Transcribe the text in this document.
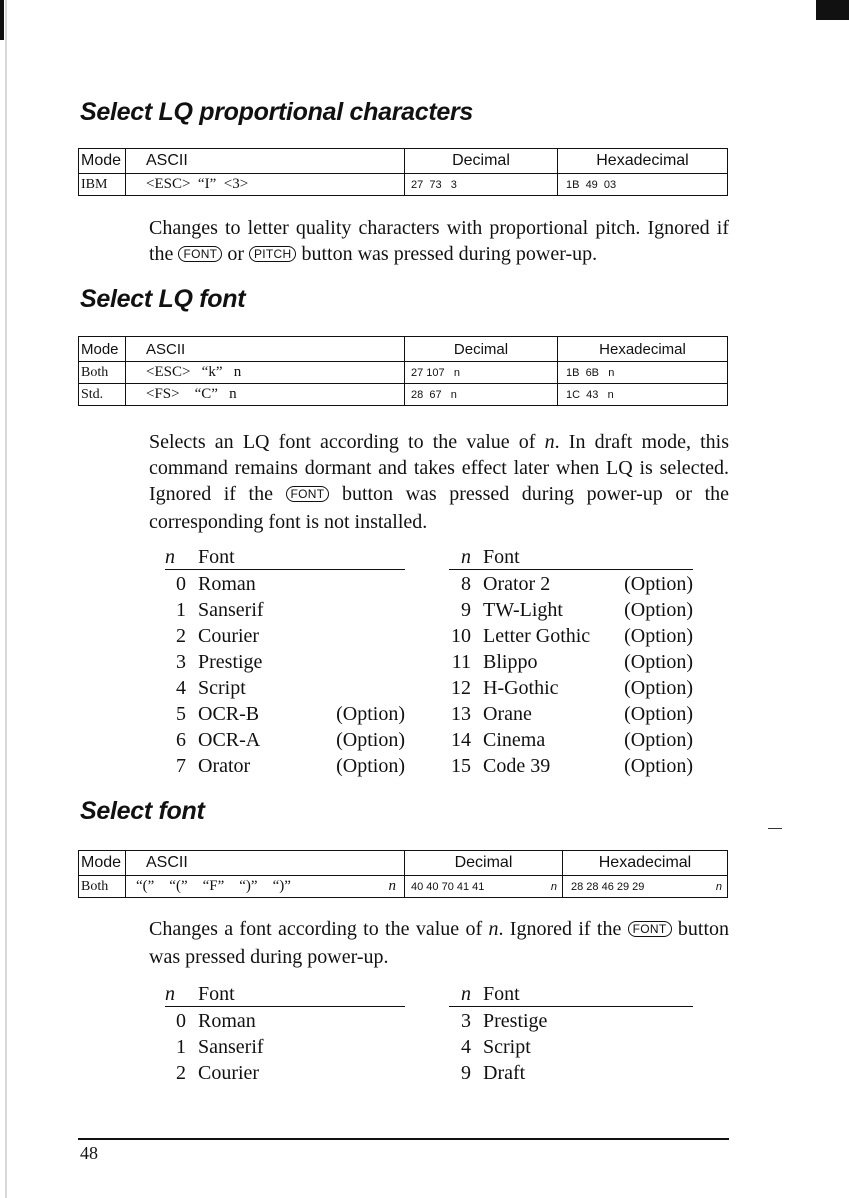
Select LQ proportional characters
Mode	ASCII	Decimal	Hexadecimal
IBM	<ESC>  “I”  <3>	27  73   3	1B  49  03

Changes to letter quality characters with proportional pitch. Ignored if the FONT or PITCH button was pressed during power-up.

Select LQ font
Mode	ASCII	Decimal	Hexadecimal
Both	<ESC>   “k”   n	27 107   n	1B  6B   n
Std.	<FS>    “C”   n	28  67   n	1C  43   n

Selects an LQ font according to the value of n. In draft mode, this command remains dormant and takes effect later when LQ is selected. Ignored if the FONT button was pressed during power-up or the corresponding font is not installed.

n	Font	
0	Roman	
1	Sanserif	
2	Courier	
3	Prestige	
4	Script	
5	OCR-B	(Option)
6	OCR-A	(Option)
7	Orator	(Option)
n	Font	
8	Orator 2	(Option)
9	TW-Light	(Option)
10	Letter Gothic	(Option)
11	Blippo	(Option)
12	H-Gothic	(Option)
13	Orane	(Option)
14	Cinema	(Option)
15	Code 39	(Option)
Select font
Mode	ASCII	Decimal	Hexadecimal
Both	“(”    “(”    “F”    “)”    “)” n	40 40 70 41 41 n	28 28 46 29 29 n

Changes a font according to the value of n. Ignored if the FONT button was pressed during power-up.

n	Font
0	Roman
1	Sanserif
2	Courier
n	Font
3	Prestige
4	Script
9	Draft

48
